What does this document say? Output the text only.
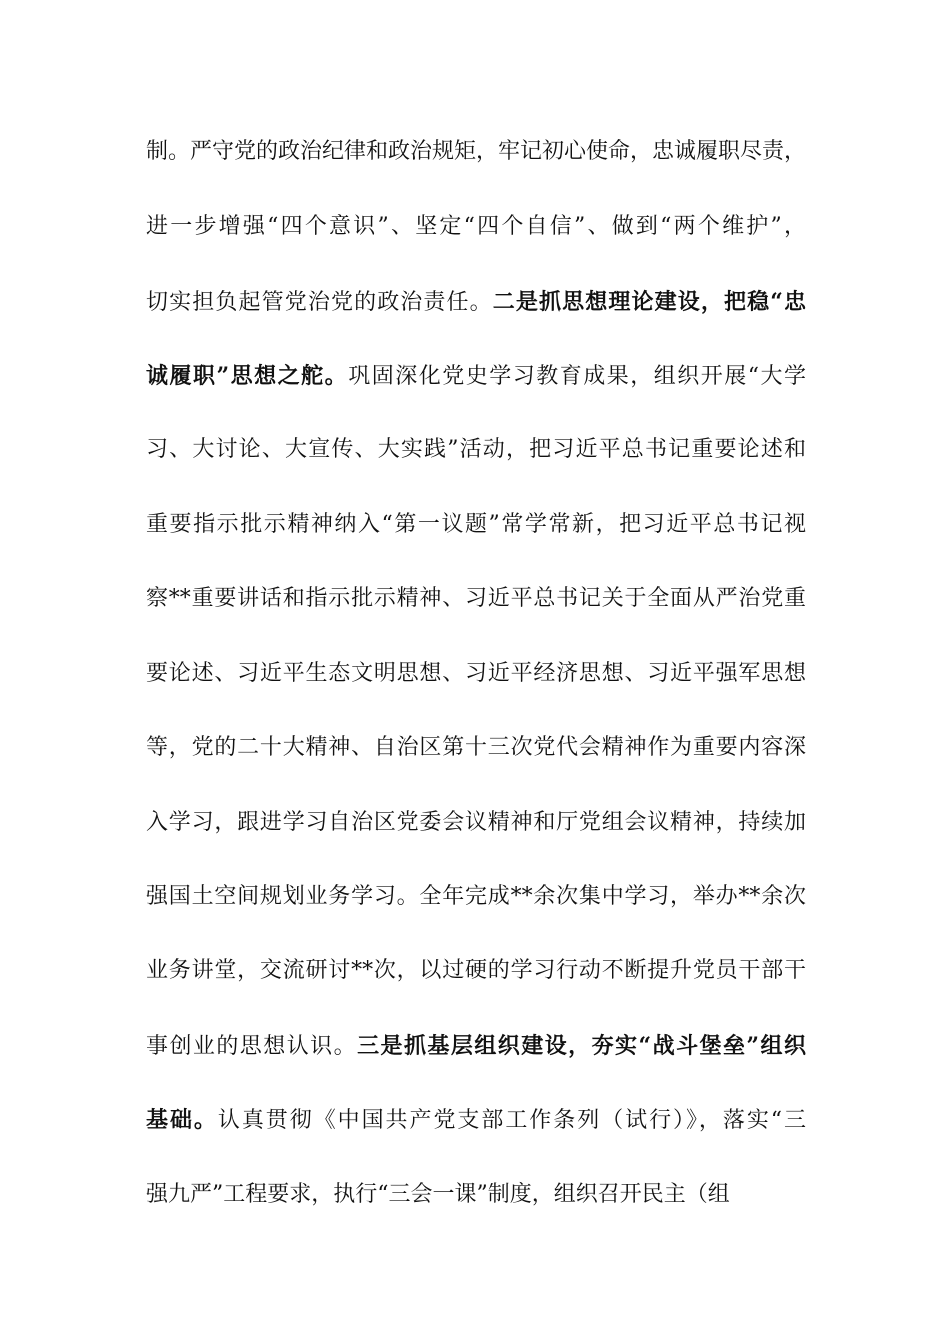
制。严守党的政治纪律和政治规矩，牢记初心使命，忠诚履职尽责，
进一步增强“四个意识”、坚定“四个自信”、做到“两个维护”，
切实担负起管党治党的政治责任。二是抓思想理论建设，把稳“忠
诚履职”思想之舵。巩固深化党史学习教育成果，组织开展“大学
习、大讨论、大宣传、大实践”活动，把习近平总书记重要论述和
重要指示批示精神纳入“第一议题”常学常新，把习近平总书记视
察**重要讲话和指示批示精神、习近平总书记关于全面从严治党重
要论述、习近平生态文明思想、习近平经济思想、习近平强军思想
等，党的二十大精神、自治区第十三次党代会精神作为重要内容深
入学习，跟进学习自治区党委会议精神和厅党组会议精神，持续加
强国土空间规划业务学习。全年完成**余次集中学习，举办**余次
业务讲堂，交流研讨**次，以过硬的学习行动不断提升党员干部干
事创业的思想认识。三是抓基层组织建设，夯实“战斗堡垒”组织
基础。认真贯彻《中国共产党支部工作条列（试行）》，落实“三
强九严”工程要求，执行“三会一课”制度，组织召开民主（组
